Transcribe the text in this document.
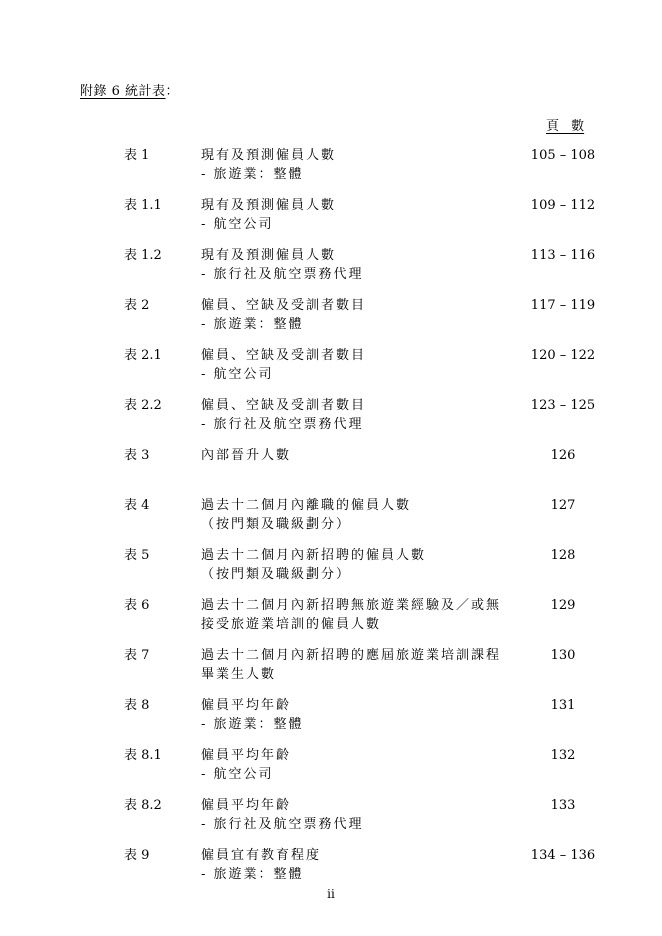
附錄 6 統計表：
頁 數
表 1	現有及預測僱員人數
- 旅遊業：整體
105 – 108
表 1.1	現有及預測僱員人數
- 航空公司
109 – 112
表 1.2	現有及預測僱員人數
- 旅行社及航空票務代理
113 – 116
表 2	僱員、空缺及受訓者數目
- 旅遊業：整體
117 – 119
表 2.1	僱員、空缺及受訓者數目
- 航空公司
120 – 122
表 2.2	僱員、空缺及受訓者數目
- 旅行社及航空票務代理
123 – 125
表 3	內部晉升人數	126
表 4	過去十二個月內離職的僱員人數
（按門類及職級劃分）
127
表 5	過去十二個月內新招聘的僱員人數
（按門類及職級劃分）
128
表 6	過去十二個月內新招聘無旅遊業經驗及／或無
接受旅遊業培訓的僱員人數
129
表 7	過去十二個月內新招聘的應屆旅遊業培訓課程
畢業生人數
130
表 8	僱員平均年齡
- 旅遊業：整體
131
表 8.1	僱員平均年齡
- 航空公司
132
表 8.2	僱員平均年齡
- 旅行社及航空票務代理
133
表 9	僱員宜有教育程度
- 旅遊業：整體
134 – 136
ii
